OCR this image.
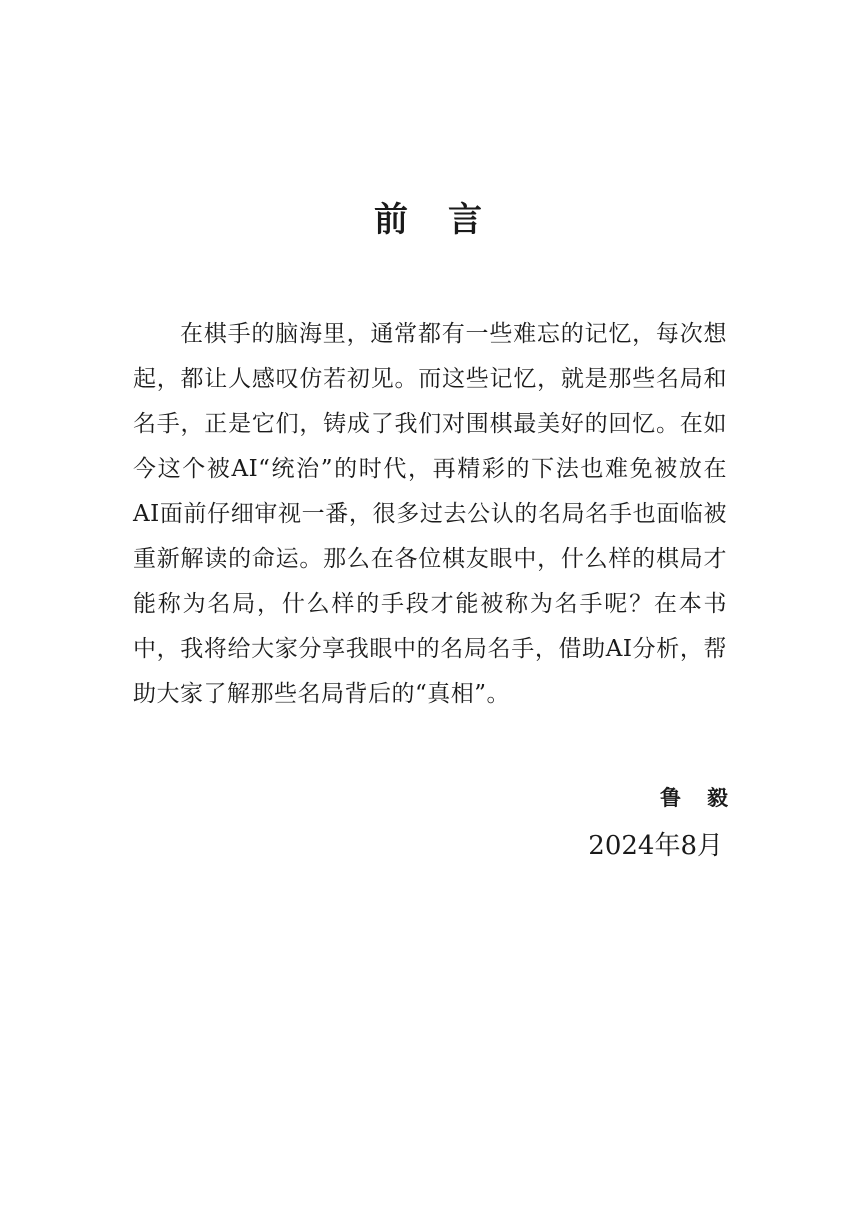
前言

在棋手的脑海里，通常都有一些难忘的记忆，每次想起，都让人感叹仿若初见。而这些记忆，就是那些名局和名手，正是它们，铸成了我们对围棋最美好的回忆。在如今这个被AI“统治”的时代，再精彩的下法也难免被放在AI面前仔细审视一番，很多过去公认的名局名手也面临被重新解读的命运。那么在各位棋友眼中，什么样的棋局才能称为名局，什么样的手段才能被称为名手呢？在本书中，我将给大家分享我眼中的名局名手，借助AI分析，帮助大家了解那些名局背后的“真相”。

鲁毅
2024年8月
